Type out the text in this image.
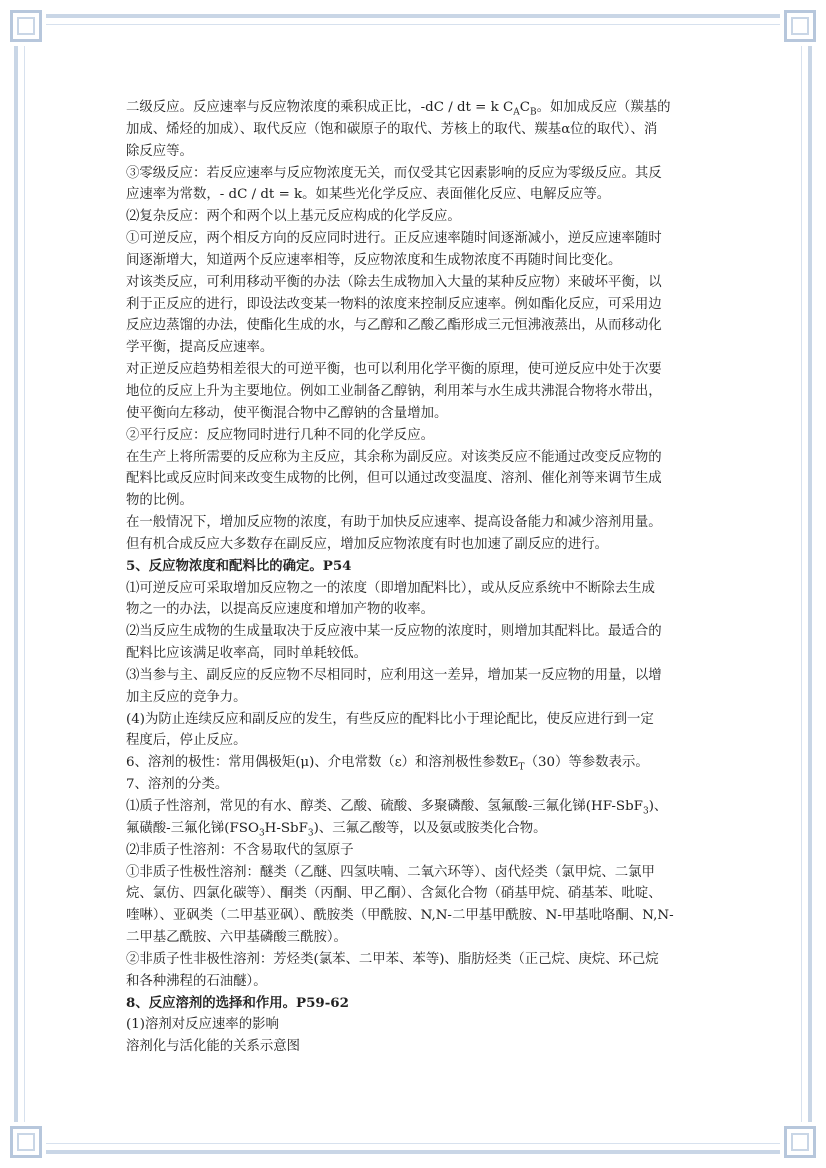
二级反应。反应速率与反应物浓度的乘积成正比，-dC / dt = k $C_AC_B$。如加成反应（羰基的

加成、烯烃的加成）、取代反应（饱和碳原子的取代、芳核上的取代、羰基α位的取代）、消

除反应等。

③零级反应：若反应速率与反应物浓度无关，而仅受其它因素影响的反应为零级反应。其反

应速率为常数，- dC / dt = k。如某些光化学反应、表面催化反应、电解反应等。

⑵复杂反应：两个和两个以上基元反应构成的化学反应。

①可逆反应，两个相反方向的反应同时进行。正反应速率随时间逐渐减小，逆反应速率随时

间逐渐增大，知道两个反应速率相等，反应物浓度和生成物浓度不再随时间比变化。

对该类反应，可利用移动平衡的办法（除去生成物加入大量的某种反应物）来破坏平衡，以

利于正反应的进行，即设法改变某一物料的浓度来控制反应速率。例如酯化反应，可采用边

反应边蒸馏的办法，使酯化生成的水，与乙醇和乙酸乙酯形成三元恒沸液蒸出，从而移动化

学平衡，提高反应速率。

对正逆反应趋势相差很大的可逆平衡，也可以利用化学平衡的原理，使可逆反应中处于次要

地位的反应上升为主要地位。例如工业制备乙醇钠，利用苯与水生成共沸混合物将水带出，

使平衡向左移动，使平衡混合物中乙醇钠的含量增加。

②平行反应：反应物同时进行几种不同的化学反应。

在生产上将所需要的反应称为主反应，其余称为副反应。对该类反应不能通过改变反应物的

配料比或反应时间来改变生成物的比例，但可以通过改变温度、溶剂、催化剂等来调节生成

物的比例。

在一般情况下，增加反应物的浓度，有助于加快反应速率、提高设备能力和减少溶剂用量。

但有机合成反应大多数存在副反应，增加反应物浓度有时也加速了副反应的进行。

5、反应物浓度和配料比的确定。P54

⑴可逆反应可采取增加反应物之一的浓度（即增加配料比），或从反应系统中不断除去生成

物之一的办法，以提高反应速度和增加产物的收率。

⑵当反应生成物的生成量取决于反应液中某一反应物的浓度时，则增加其配料比。最适合的

配料比应该满足收率高，同时单耗较低。

⑶当参与主、副反应的反应物不尽相同时，应利用这一差异，增加某一反应物的用量，以增

加主反应的竞争力。

(4)为防止连续反应和副反应的发生，有些反应的配料比小于理论配比，使反应进行到一定

程度后，停止反应。

6、溶剂的极性：常用偶极矩(μ)、介电常数（ε）和溶剂极性参数$E_T(30)$等参数表示。

7、溶剂的分类。

⑴质子性溶剂，常见的有水、醇类、乙酸、硫酸、多聚磷酸、氢氟酸-三氟化锑(HF-SbF$_3$)、

氟磺酸-三氟化锑$(FSO_3H-SbF_3)$、三氟乙酸等，以及氨或胺类化合物。

⑵非质子性溶剂：不含易取代的氢原子

①非质子性极性溶剂：醚类（乙醚、四氢呋喃、二氧六环等）、卤代烃类（氯甲烷、二氯甲

烷、氯仿、四氯化碳等）、酮类（丙酮、甲乙酮）、含氮化合物（硝基甲烷、硝基苯、吡啶、

喹啉）、亚砜类（二甲基亚砜）、酰胺类（甲酰胺、N,N-二甲基甲酰胺、N-甲基吡咯酮、N,N-

二甲基乙酰胺、六甲基磷酸三酰胺）。

②非质子性非极性溶剂：芳烃类(氯苯、二甲苯、苯等)、脂肪烃类（正己烷、庚烷、环己烷

和各种沸程的石油醚）。

8、反应溶剂的选择和作用。P59-62

(1)溶剂对反应速率的影响

溶剂化与活化能的关系示意图
